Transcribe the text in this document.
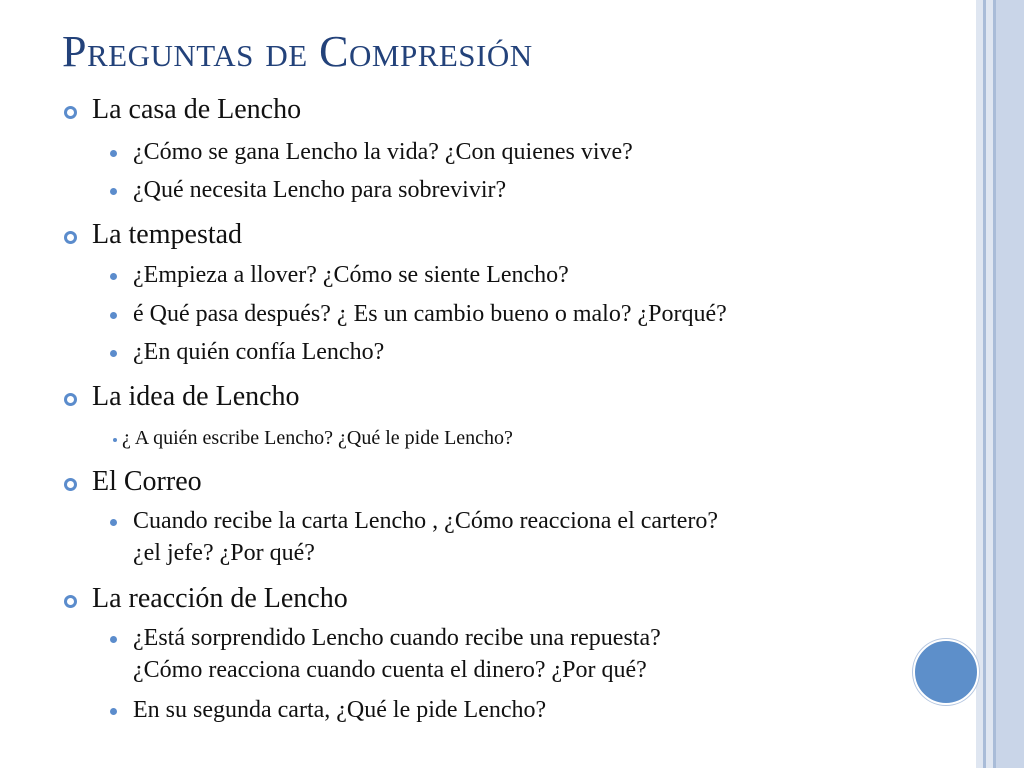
Preguntas de Compresión
La casa de Lencho
¿Cómo se gana Lencho la vida? ¿Con quienes vive?
¿Qué necesita Lencho para sobrevivir?
La tempestad
¿Empieza a llover? ¿Cómo se siente Lencho?
é Qué pasa después? ¿ Es un cambio bueno o malo? ¿Porqué?
¿En quién confía Lencho?
La idea de Lencho
¿ A quién escribe Lencho? ¿Qué le pide Lencho?
El Correo
Cuando recibe la carta Lencho , ¿Cómo reacciona el cartero?
¿el jefe? ¿Por qué?
La reacción de Lencho
¿Está sorprendido Lencho cuando recibe una repuesta?
¿Cómo reacciona cuando cuenta el dinero? ¿Por qué?
En su segunda carta, ¿Qué le pide Lencho?
